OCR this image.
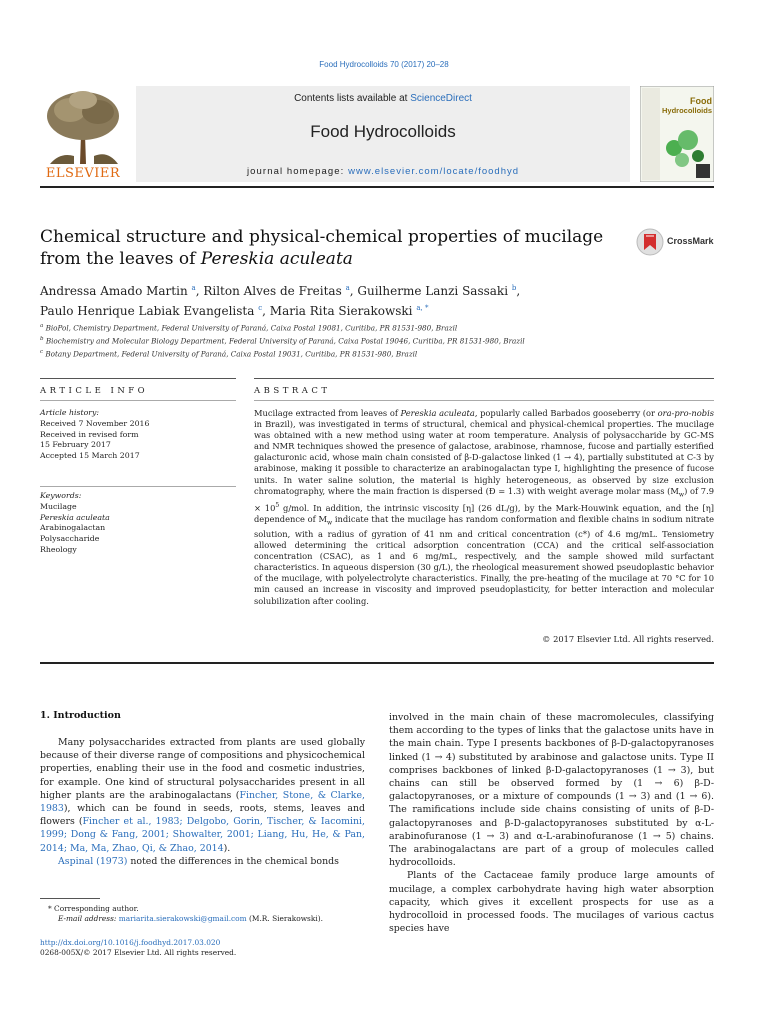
Food Hydrocolloids 70 (2017) 20–28
ELSEVIER
Contents lists available at ScienceDirect
Food Hydrocolloids
journal homepage: www.elsevier.com/locate/foodhyd
Food
Hydrocolloids
Chemical structure and physical-chemical properties of mucilage from the leaves of Pereskia aculeata
CrossMark
Andressa Amado Martin $^a$, Rilton Alves de Freitas $^a$, Guilherme Lanzi Sassaki $^b$,
Paulo Henrique Labiak Evangelista $^c$, Maria Rita Sierakowski $^{a, *}$
$^a$ BioPol, Chemistry Department, Federal University of Paraná, Caixa Postal 19081, Curitiba, PR 81531-980, Brazil
$^b$ Biochemistry and Molecular Biology Department, Federal University of Paraná, Caixa Postal 19046, Curitiba, PR 81531-980, Brazil
$^c$ Botany Department, Federal University of Paraná, Caixa Postal 19031, Curitiba, PR 81531-980, Brazil
ARTICLE INFO	ABSTRACT
Article history:
Received 7 November 2016
Received in revised form
15 February 2017
Accepted 15 March 2017
Keywords:
Mucilage
Pereskia aculeata
Arabinogalactan
Polysaccharide
Rheology
Mucilage extracted from leaves of Pereskia aculeata, popularly called Barbados gooseberry (or ora-pro-nobis in Brazil), was investigated in terms of structural, chemical and physical-chemical properties. The mucilage was obtained with a new method using water at room temperature. Analysis of polysaccharide by GC-MS and NMR techniques showed the presence of galactose, arabinose, rhamnose, fucose and partially esterified galacturonic acid, whose main chain consisted of β-D-galactose linked (1 → 4), partially substituted at C-3 by arabinose, making it possible to characterize an arabinogalactan type I, highlighting the presence of fucose units. In water saline solution, the material is highly heterogeneous, as observed by size exclusion chromatography, where the main fraction is dispersed (Đ = 1.3) with weight average molar mass $(M_w)$ of $7.9 \times 10^5$ g/mol. In addition, the intrinsic viscosity [η] (26 dL/g), by the Mark-Houwink equation, and the [η] dependence of $M_w$ indicate that the mucilage has random conformation and flexible chains in sodium nitrate solution, with a radius of gyration of 41 nm and critical concentration (c*) of 4.6 mg/mL. Tensiometry allowed determining the critical adsorption concentration (CCA) and the critical self-association concentration (CSAC), as 1 and 6 mg/mL, respectively, and the sample showed mild surfactant characteristics. In aqueous dispersion (30 g/L), the rheological measurement showed pseudoplastic behavior of the mucilage, with polyelectrolyte characteristics. Finally, the pre-heating of the mucilage at 70 °C for 10 min caused an increase in viscosity and improved pseudoplasticity, for better interaction and molecular solubilization after cooling.
© 2017 Elsevier Ltd. All rights reserved.
1. Introduction

Many polysaccharides extracted from plants are used globally because of their diverse range of compositions and physicochemical properties, enabling their use in the food and cosmetic industries, for example. One kind of structural polysaccharides present in all higher plants are the arabinogalactans (Fincher, Stone, & Clarke, 1983), which can be found in seeds, roots, stems, leaves and flowers (Fincher et al., 1983; Delgobo, Gorin, Tischer, & Iacomini, 1999; Dong & Fang, 2001; Showalter, 2001; Liang, Hu, He, & Pan, 2014; Ma, Ma, Zhao, Qi, & Zhao, 2014).

Aspinal (1973) noted the differences in the chemical bonds

involved in the main chain of these macromolecules, classifying them according to the types of links that the galactose units have in the main chain. Type I presents backbones of β-D-galactopyranoses linked (1 → 4) substituted by arabinose and galactose units. Type II comprises backbones of linked β-D-galactopyranoses (1 → 3), but chains can still be observed formed by (1 → 6) β-D-galactopyranoses, or a mixture of compounds (1 → 3) and (1 → 6). The ramifications include side chains consisting of units of β-D-galactopyranoses and β-D-galactopyranoses substituted by α-L-arabinofuranose (1 → 3) and α-L-arabinofuranose (1 → 5) chains. The arabinogalactans are part of a group of molecules called hydrocolloids.

Plants of the Cactaceae family produce large amounts of mucilage, a complex carbohydrate having high water absorption capacity, which gives it excellent prospects for use as a hydrocolloid in processed foods. The mucilages of various cactus species have

* Corresponding author.
E-mail address: mariarita.sierakowski@gmail.com (M.R. Sierakowski).
http://dx.doi.org/10.1016/j.foodhyd.2017.03.020
0268-005X/© 2017 Elsevier Ltd. All rights reserved.
